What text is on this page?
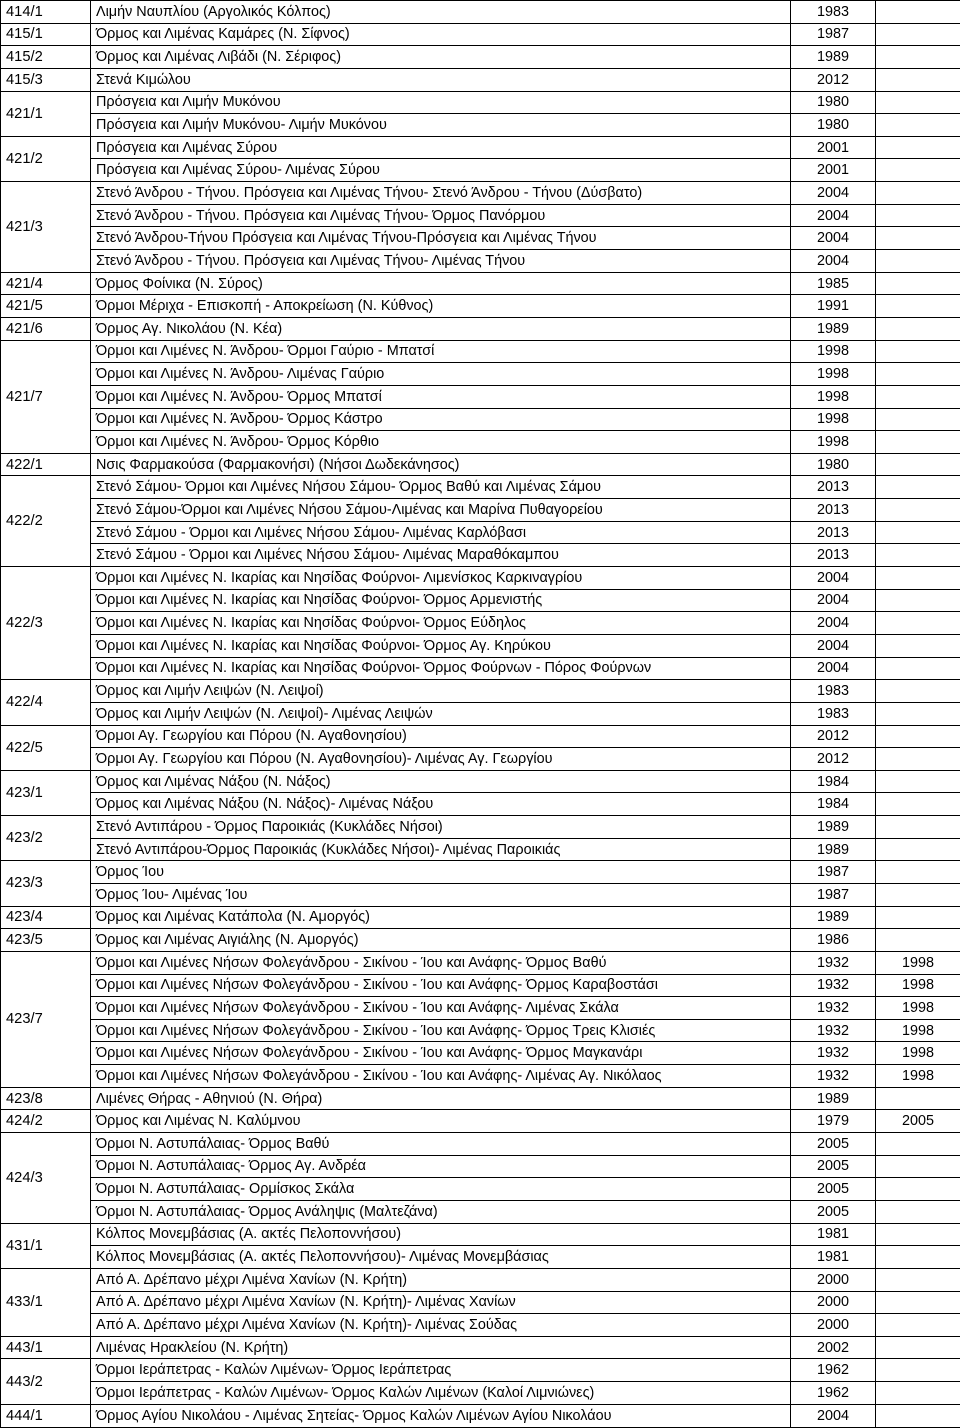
414/1	Λιμήν Ναυπλίου (Αργολικός Κόλπος)	1983	
415/1	Όρμος και Λιμένας Καμάρες (Ν. Σίφνος)	1987	
415/2	Όρμος και Λιμένας Λιβάδι (Ν. Σέριφος)	1989	
415/3	Στενά Κιμώλου	2012	
421/1	Πρόσγεια και Λιμήν Μυκόνου	1980	
	Πρόσγεια και Λιμήν Μυκόνου- Λιμήν Μυκόνου	1980	
421/2	Πρόσγεια και Λιμένας Σύρου	2001	
	Πρόσγεια και Λιμένας Σύρου- Λιμένας Σύρου	2001	
421/3	Στενό Άνδρου - Τήνου. Πρόσγεια και Λιμένας Τήνου- Στενό Άνδρου - Τήνου (Δύσβατο)	2004	
	Στενό Άνδρου - Τήνου. Πρόσγεια και Λιμένας Τήνου- Όρμος Πανόρμου	2004	
	Στενό Άνδρου-Τήνου Πρόσγεια και Λιμένας Τήνου-Πρόσγεια και Λιμένας Τήνου	2004	
	Στενό Άνδρου - Τήνου. Πρόσγεια και Λιμένας Τήνου- Λιμένας Τήνου	2004	
421/4	Όρμος Φοίνικα (Ν. Σύρος)	1985	
421/5	Όρμοι Μέριχα - Επισκοπή - Αποκρείωση (Ν. Κύθνος)	1991	
421/6	Όρμος Αγ. Νικολάου (Ν. Κέα)	1989	
421/7	Όρμοι και Λιμένες Ν. Άνδρου- Όρμοι Γαύριο - Μπατσί	1998	
	Όρμοι και Λιμένες Ν. Άνδρου- Λιμένας Γαύριο	1998	
	Όρμοι και Λιμένες Ν. Άνδρου- Όρμος Μπατσί	1998	
	Όρμοι και Λιμένες Ν. Άνδρου- Όρμος Κάστρο	1998	
	Όρμοι και Λιμένες Ν. Άνδρου- Όρμος Κόρθιο	1998	
422/1	Νσις Φαρμακούσα (Φαρμακονήσι) (Νήσοι Δωδεκάνησος)	1980	
422/2	Στενό Σάμου- Όρμοι και Λιμένες Νήσου Σάμου- Όρμος Βαθύ και Λιμένας Σάμου	2013	
	Στενό Σάμου-Όρμοι και Λιμένες Νήσου Σάμου-Λιμένας και Μαρίνα Πυθαγορείου	2013	
	Στενό Σάμου - Όρμοι και Λιμένες Νήσου Σάμου- Λιμένας Καρλόβασι	2013	
	Στενό Σάμου - Όρμοι και Λιμένες Νήσου Σάμου- Λιμένας Μαραθόκαμπου	2013	
422/3	Όρμοι και Λιμένες Ν. Ικαρίας και Νησίδας Φούρνοι- Λιμενίσκος Καρκιναγρίου	2004	
	Όρμοι και Λιμένες Ν. Ικαρίας και Νησίδας Φούρνοι- Όρμος Αρμενιστής	2004	
	Όρμοι και Λιμένες Ν. Ικαρίας και Νησίδας Φούρνοι- Όρμος Εύδηλος	2004	
	Όρμοι και Λιμένες Ν. Ικαρίας και Νησίδας Φούρνοι- Όρμος Αγ. Κηρύκου	2004	
	Όρμοι και Λιμένες Ν. Ικαρίας και Νησίδας Φούρνοι- Όρμος Φούρνων - Πόρος Φούρνων	2004	
422/4	Όρμος και Λιμήν Λειψών (Ν. Λειψοί)	1983	
	Όρμος και Λιμήν Λειψών (Ν. Λειψοί)- Λιμένας Λειψών	1983	
422/5	Όρμοι Αγ. Γεωργίου και Πόρου (Ν. Αγαθονησίου)	2012	
	Όρμοι Αγ. Γεωργίου και Πόρου (Ν. Αγαθονησίου)- Λιμένας Αγ. Γεωργίου	2012	
423/1	Όρμος και Λιμένας Νάξου (Ν. Νάξος)	1984	
	Όρμος και Λιμένας Νάξου (Ν. Νάξος)- Λιμένας Νάξου	1984	
423/2	Στενό Αντιπάρου - Όρμος Παροικιάς (Κυκλάδες Νήσοι)	1989	
	Στενό Αντιπάρου-Όρμος Παροικιάς (Κυκλάδες Νήσοι)- Λιμένας Παροικιάς	1989	
423/3	Όρμος Ίου	1987	
	Όρμος Ίου- Λιμένας Ίου	1987	
423/4	Όρμος και Λιμένας Κατάπολα (Ν. Αμοργός)	1989	
423/5	Όρμος και Λιμένας Αιγιάλης (Ν. Αμοργός)	1986	
423/7	Όρμοι και Λιμένες Νήσων Φολεγάνδρου - Σικίνου - Ίου και Ανάφης- Όρμος Βαθύ	1932	1998
	Όρμοι και Λιμένες Νήσων Φολεγάνδρου - Σικίνου - Ίου και Ανάφης- Όρμος Καραβοστάσι	1932	1998
	Όρμοι και Λιμένες Νήσων Φολεγάνδρου - Σικίνου - Ίου και Ανάφης- Λιμένας Σκάλα	1932	1998
	Όρμοι και Λιμένες Νήσων Φολεγάνδρου - Σικίνου - Ίου και Ανάφης- Όρμος Τρεις Κλισιές	1932	1998
	Όρμοι και Λιμένες Νήσων Φολεγάνδρου - Σικίνου - Ίου και Ανάφης- Όρμος Μαγκανάρι	1932	1998
	Όρμοι και Λιμένες Νήσων Φολεγάνδρου - Σικίνου - Ίου και Ανάφης- Λιμένας Αγ. Νικόλαος	1932	1998
423/8	Λιμένες Θήρας - Αθηνιού (Ν. Θήρα)	1989	
424/2	Όρμος και Λιμένας Ν. Καλύμνου	1979	2005
424/3	Όρμοι Ν. Αστυπάλαιας- Όρμος Βαθύ	2005	
	Όρμοι Ν. Αστυπάλαιας- Όρμος Αγ. Ανδρέα	2005	
	Όρμοι Ν. Αστυπάλαιας- Ορμίσκος Σκάλα	2005	
	Όρμοι Ν. Αστυπάλαιας- Όρμος Ανάληψις (Μαλτεζάνα)	2005	
431/1	Κόλπος Μονεμβάσιας (Α. ακτές Πελοποννήσου)	1981	
	Κόλπος Μονεμβάσιας (Α. ακτές Πελοποννήσου)- Λιμένας Μονεμβάσιας	1981	
433/1	Από Α. Δρέπανο μέχρι Λιμένα Χανίων (Ν. Κρήτη)	2000	
	Από Α. Δρέπανο μέχρι Λιμένα Χανίων (Ν. Κρήτη)- Λιμένας Χανίων	2000	
	Από Α. Δρέπανο μέχρι Λιμένα Χανίων (Ν. Κρήτη)- Λιμένας Σούδας	2000	
443/1	Λιμένας Ηρακλείου (Ν. Κρήτη)	2002	
443/2	Όρμοι Ιεράπετρας - Καλών Λιμένων- Όρμος Ιεράπετρας	1962	
	Όρμοι Ιεράπετρας - Καλών Λιμένων- Όρμος Καλών Λιμένων (Καλοί Λιμνιώνες)	1962	
444/1	Όρμος Αγίου Νικολάου - Λιμένας Σητείας- Όρμος Καλών Λιμένων Αγίου Νικολάου	2004	
